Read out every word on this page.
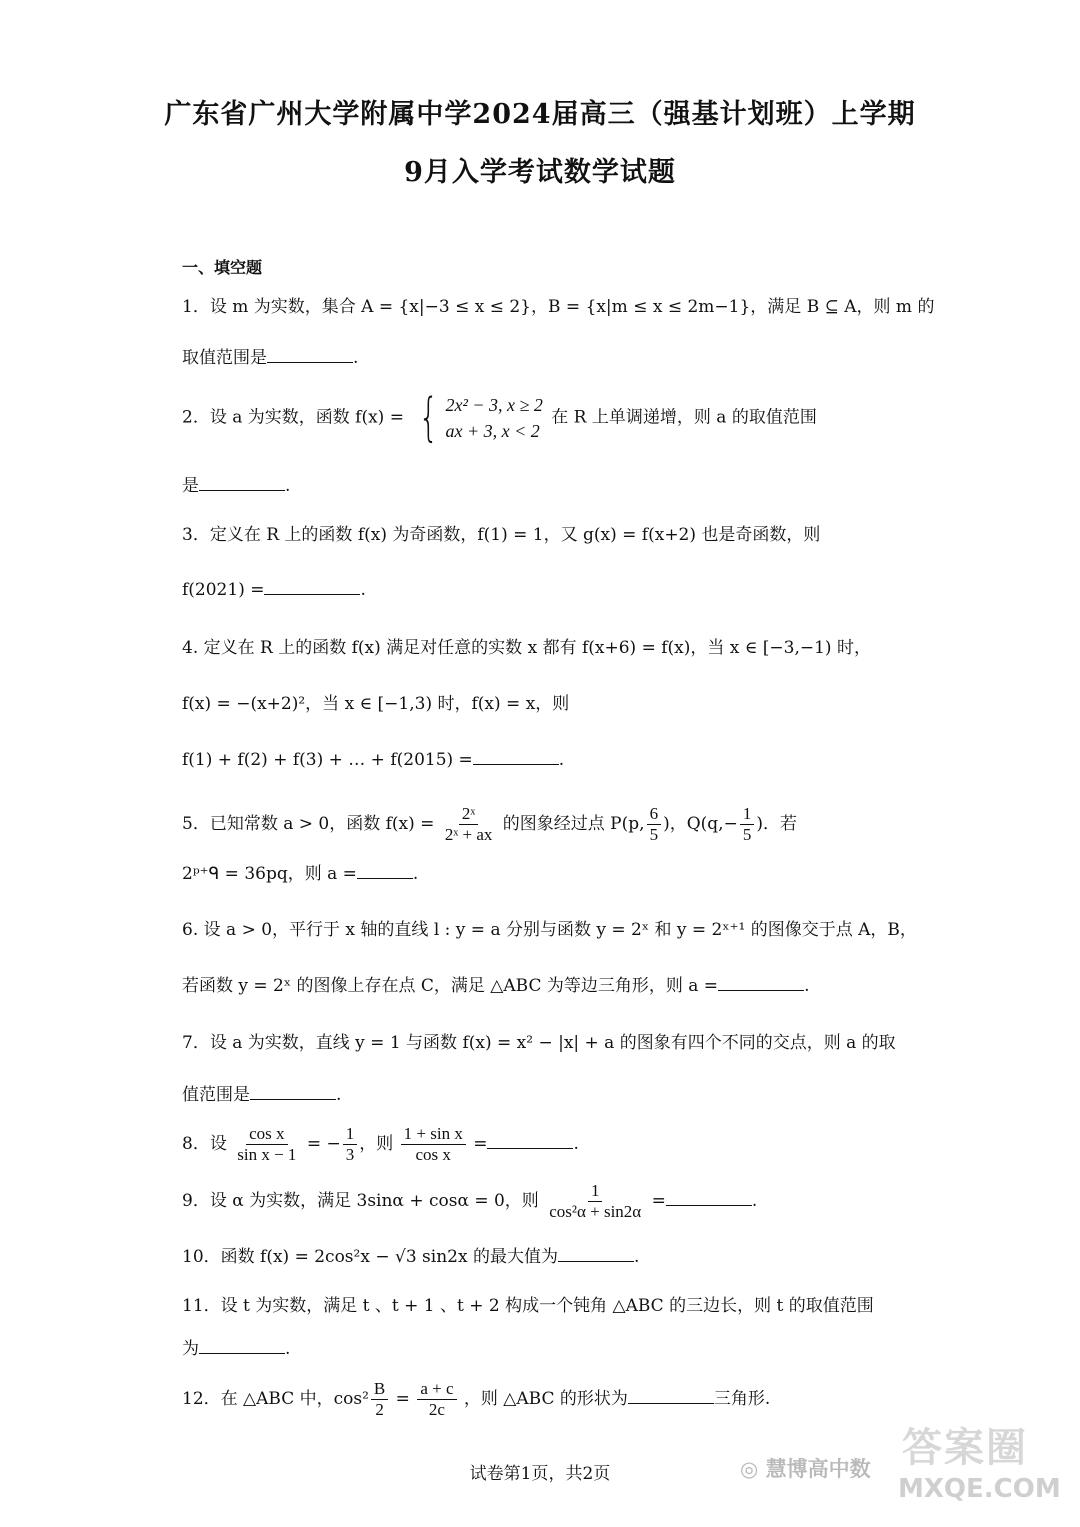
广东省广州大学附属中学2024届高三（强基计划班）上学期
9月入学考试数学试题
一、填空题
1．设 m 为实数，集合 A = {x|−3 ≤ x ≤ 2}，B = {x|m ≤ x ≤ 2m−1}，满足 B ⊆ A，则 m 的
取值范围是	.
2．设 a 为实数，函数 f(x) = { 2x² − 3, x ≥ 2
ax + 3, x < 2
在 R 上单调递增，则 a 的取值范围
是	.
3．定义在 R 上的函数 f(x) 为奇函数，f(1) = 1，又 g(x) = f(x+2) 也是奇函数，则
f(2021) =	.
4. 定义在 R 上的函数 f(x) 满足对任意的实数 x 都有 f(x+6) = f(x)，当 x ∈ [−3,−1) 时，
f(x) = −(x+2)²，当 x ∈ [−1,3) 时，f(x) = x，则
f(1) + f(2) + f(3) + … + f(2015) =	.
5．已知常数 a > 0，函数 $f(x) = \frac{\text{2ˣ}}{\text{2ˣ + ax}}$ 的图象经过点 P(p, $\frac{6}{5}$ )，$Q(q,- \frac{1}{5}$ )．若
2ᵖ⁺ᑫ = 36pq，则 a =	.
6. 设 a > 0，平行于 x 轴的直线 l : y = a 分别与函数 y = 2ˣ 和 y = 2ˣ⁺¹ 的图像交于点 A，B，
若函数 y = 2ˣ 的图像上存在点 C，满足 △ABC 为等边三角形，则 a =	.
7．设 a 为实数，直线 y = 1 与函数 f(x) = x² − |x| + a 的图象有四个不同的交点，则 a 的取
值范围是	.
8．设 $\frac{\text{cos x}}{\text{sin x − 1}}$ = − $\frac{1}{3}$ ，则 $\frac{\text{1 + sin x}}{\text{cos x}}$ =	.
9．设 α 为实数，满足 3sinα + cosα = 0，则 $\frac{1}{\text{cos²α + sin2α}}$ =	.
10．函数 f(x) = 2cos²x − √3 sin2x 的最大值为	.
11．设 t 为实数，满足 t 、t + 1 、t + 2 构成一个钝角 △ABC 的三边长，则 t 的取值范围
为	.
12．在 △ABC 中，$\cos^2 \frac{B}{2} = \frac{a + c}{2c}$ ，则 △ABC 的形状为	三角形.
试卷第1页，共2页	◎ 慧博高中数 答案圈
MXQE.COM
